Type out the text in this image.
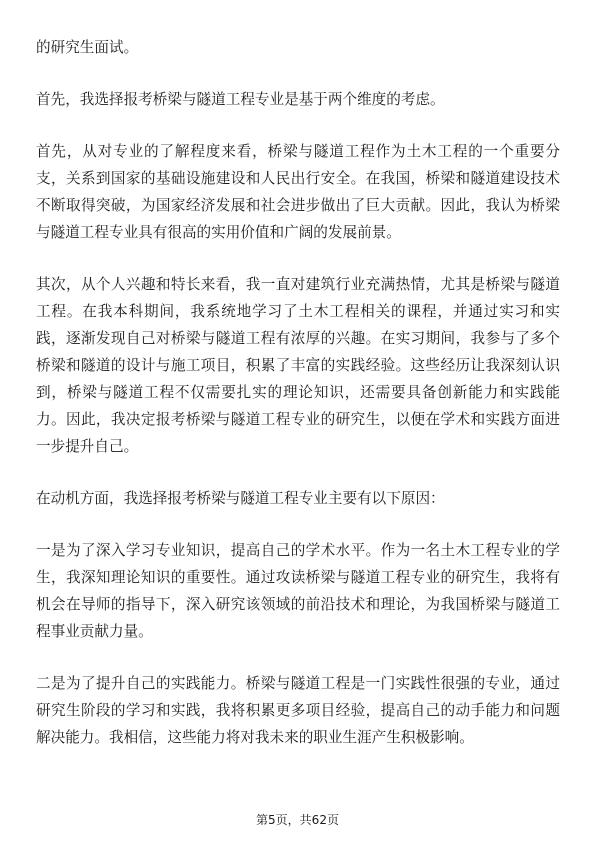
的研究生面试。

首先，我选择报考桥梁与隧道工程专业是基于两个维度的考虑。

首先，从对专业的了解程度来看，桥梁与隧道工程作为土木工程的一个重要分支，关系到国家的基础设施建设和人民出行安全。在我国，桥梁和隧道建设技术不断取得突破，为国家经济发展和社会进步做出了巨大贡献。因此，我认为桥梁与隧道工程专业具有很高的实用价值和广阔的发展前景。

其次，从个人兴趣和特长来看，我一直对建筑行业充满热情，尤其是桥梁与隧道工程。在我本科期间，我系统地学习了土木工程相关的课程，并通过实习和实践，逐渐发现自己对桥梁与隧道工程有浓厚的兴趣。在实习期间，我参与了多个桥梁和隧道的设计与施工项目，积累了丰富的实践经验。这些经历让我深刻认识到，桥梁与隧道工程不仅需要扎实的理论知识，还需要具备创新能力和实践能力。因此，我决定报考桥梁与隧道工程专业的研究生，以便在学术和实践方面进一步提升自己。

在动机方面，我选择报考桥梁与隧道工程专业主要有以下原因：

一是为了深入学习专业知识，提高自己的学术水平。作为一名土木工程专业的学生，我深知理论知识的重要性。通过攻读桥梁与隧道工程专业的研究生，我将有机会在导师的指导下，深入研究该领域的前沿技术和理论，为我国桥梁与隧道工程事业贡献力量。

二是为了提升自己的实践能力。桥梁与隧道工程是一门实践性很强的专业，通过研究生阶段的学习和实践，我将积累更多项目经验，提高自己的动手能力和问题解决能力。我相信，这些能力将对我未来的职业生涯产生积极影响。

第5页，共62页
